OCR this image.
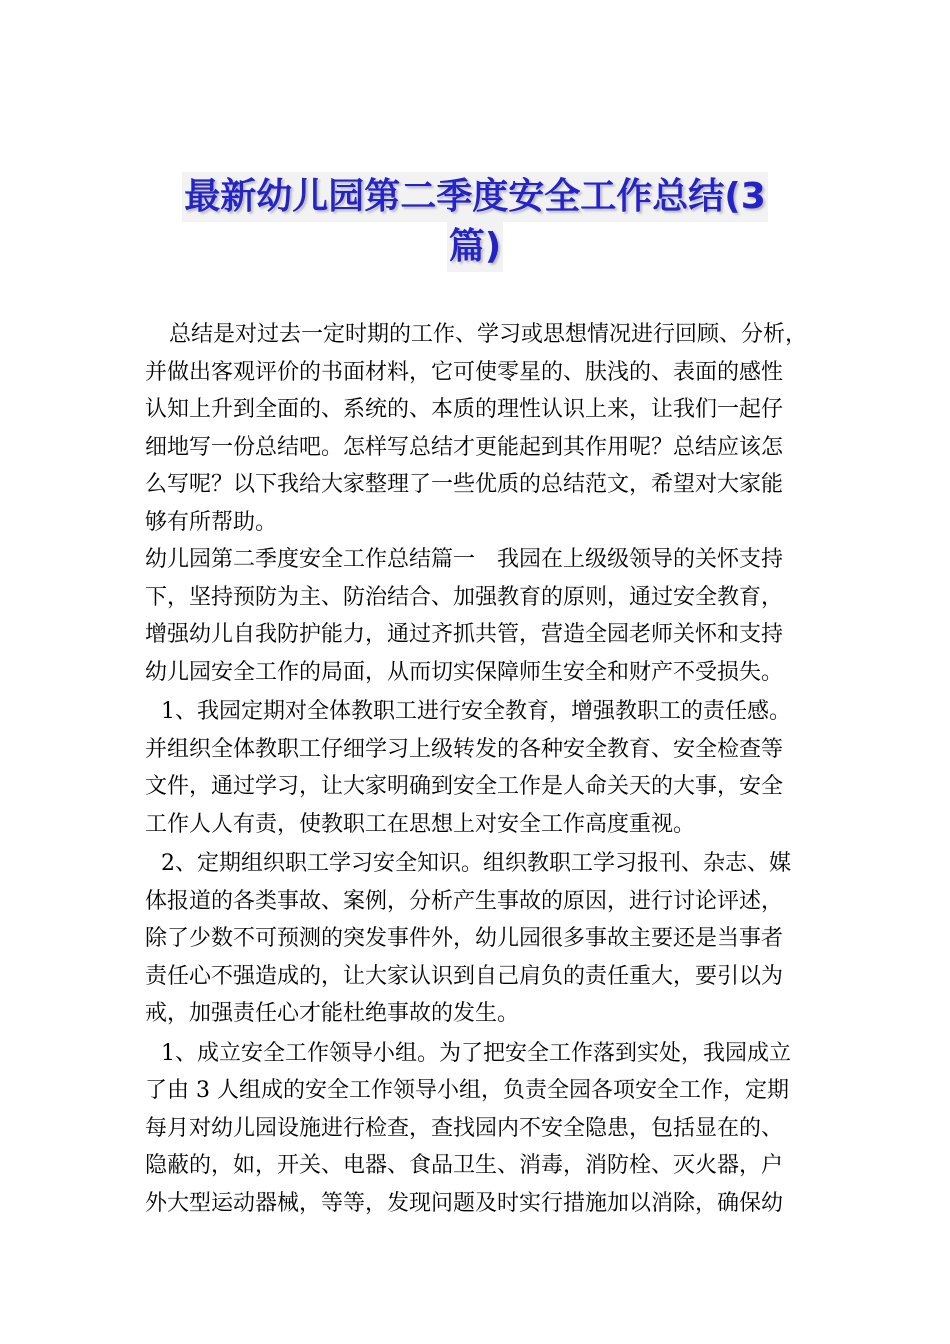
最新幼儿园第二季度安全工作总结(3
篇)
总结是对过去一定时期的工作、学习或思想情况进行回顾、分析，
并做出客观评价的书面材料，它可使零星的、肤浅的、表面的感性
认知上升到全面的、系统的、本质的理性认识上来，让我们一起仔
细地写一份总结吧。怎样写总结才更能起到其作用呢？总结应该怎
么写呢？以下我给大家整理了一些优质的总结范文，希望对大家能
够有所帮助。
幼儿园第二季度安全工作总结篇一　我园在上级级领导的关怀支持
下，坚持预防为主、防治结合、加强教育的原则，通过安全教育，
增强幼儿自我防护能力，通过齐抓共管，营造全园老师关怀和支持
幼儿园安全工作的局面，从而切实保障师生安全和财产不受损失。
1、我园定期对全体教职工进行安全教育，增强教职工的责任感。
并组织全体教职工仔细学习上级转发的各种安全教育、安全检查等
文件，通过学习，让大家明确到安全工作是人命关天的大事，安全
工作人人有责，使教职工在思想上对安全工作高度重视。
2、定期组织职工学习安全知识。组织教职工学习报刊、杂志、媒
体报道的各类事故、案例，分析产生事故的原因，进行讨论评述，
除了少数不可预测的突发事件外，幼儿园很多事故主要还是当事者
责任心不强造成的，让大家认识到自己肩负的责任重大，要引以为
戒，加强责任心才能杜绝事故的发生。
1、成立安全工作领导小组。为了把安全工作落到实处，我园成立
了由 3 人组成的安全工作领导小组，负责全园各项安全工作，定期
每月对幼儿园设施进行检查，查找园内不安全隐患，包括显在的、
隐蔽的，如，开关、电器、食品卫生、消毒，消防栓、灭火器，户
外大型运动器械，等等，发现问题及时实行措施加以消除，确保幼
